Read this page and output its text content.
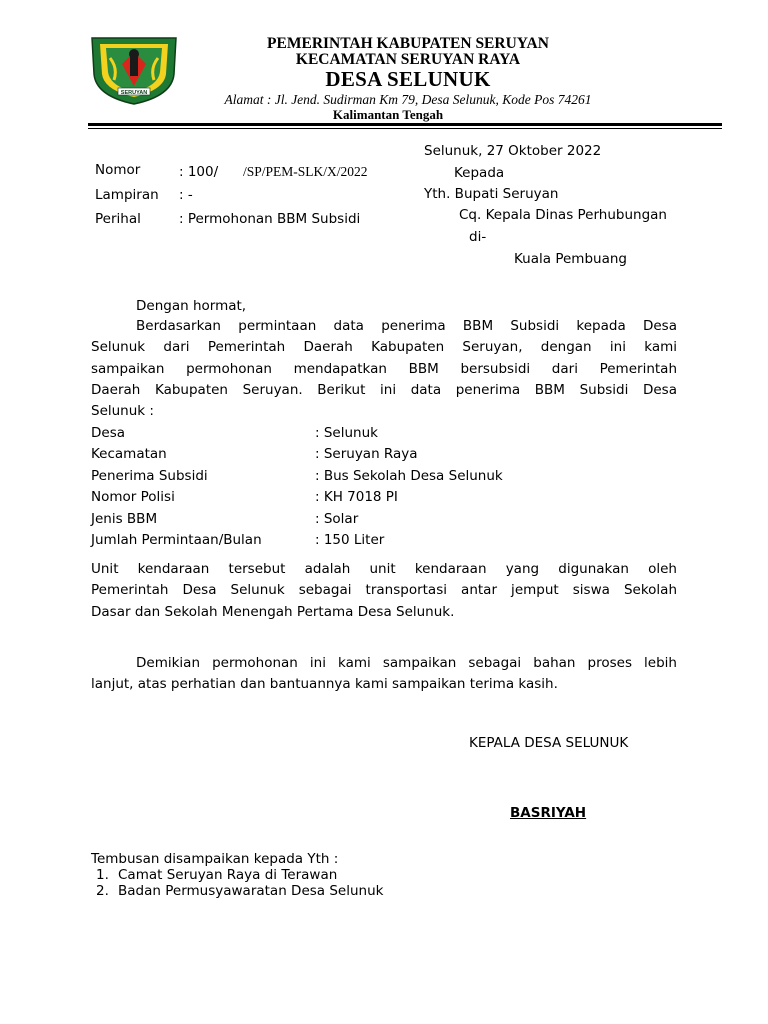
SERUYAN
PEMERINTAH KABUPATEN SERUYAN
KECAMATAN SERUYAN RAYA
DESA SELUNUK
Alamat : Jl. Jend. Sudirman Km 79, Desa Selunuk, Kode Pos 74261
Kalimantan Tengah
Nomor	: 100/ /SP/PEM-SLK/X/2022
Lampiran : -
Perihal	: Permohonan BBM Subsidi
Selunuk, 27 Oktober 2022
Kepada
Yth. Bupati Seruyan
Cq. Kepala Dinas Perhubungan
di-
Kuala Pembuang
Dengan hormat,
Berdasarkan permintaan data penerima BBM Subsidi kepada Desa
Selunuk dari Pemerintah Daerah Kabupaten Seruyan, dengan ini kami
sampaikan permohonan mendapatkan BBM bersubsidi dari Pemerintah
Daerah Kabupaten Seruyan. Berikut ini data penerima BBM Subsidi Desa
Selunuk :
Desa	: Selunuk
Kecamatan	: Seruyan Raya
Penerima Subsidi	: Bus Sekolah Desa Selunuk
Nomor Polisi	: KH 7018 PI
Jenis BBM	: Solar
Jumlah Permintaan/Bulan	: 150 Liter
Unit kendaraan tersebut adalah unit kendaraan yang digunakan oleh
Pemerintah Desa Selunuk sebagai transportasi antar jemput siswa Sekolah
Dasar dan Sekolah Menengah Pertama Desa Selunuk.
Demikian permohonan ini kami sampaikan sebagai bahan proses lebih
lanjut, atas perhatian dan bantuannya kami sampaikan terima kasih.
KEPALA DESA SELUNUK
BASRIYAH
Tembusan disampaikan kepada Yth :
1. Camat Seruyan Raya di Terawan
2. Badan Permusyawaratan Desa Selunuk
